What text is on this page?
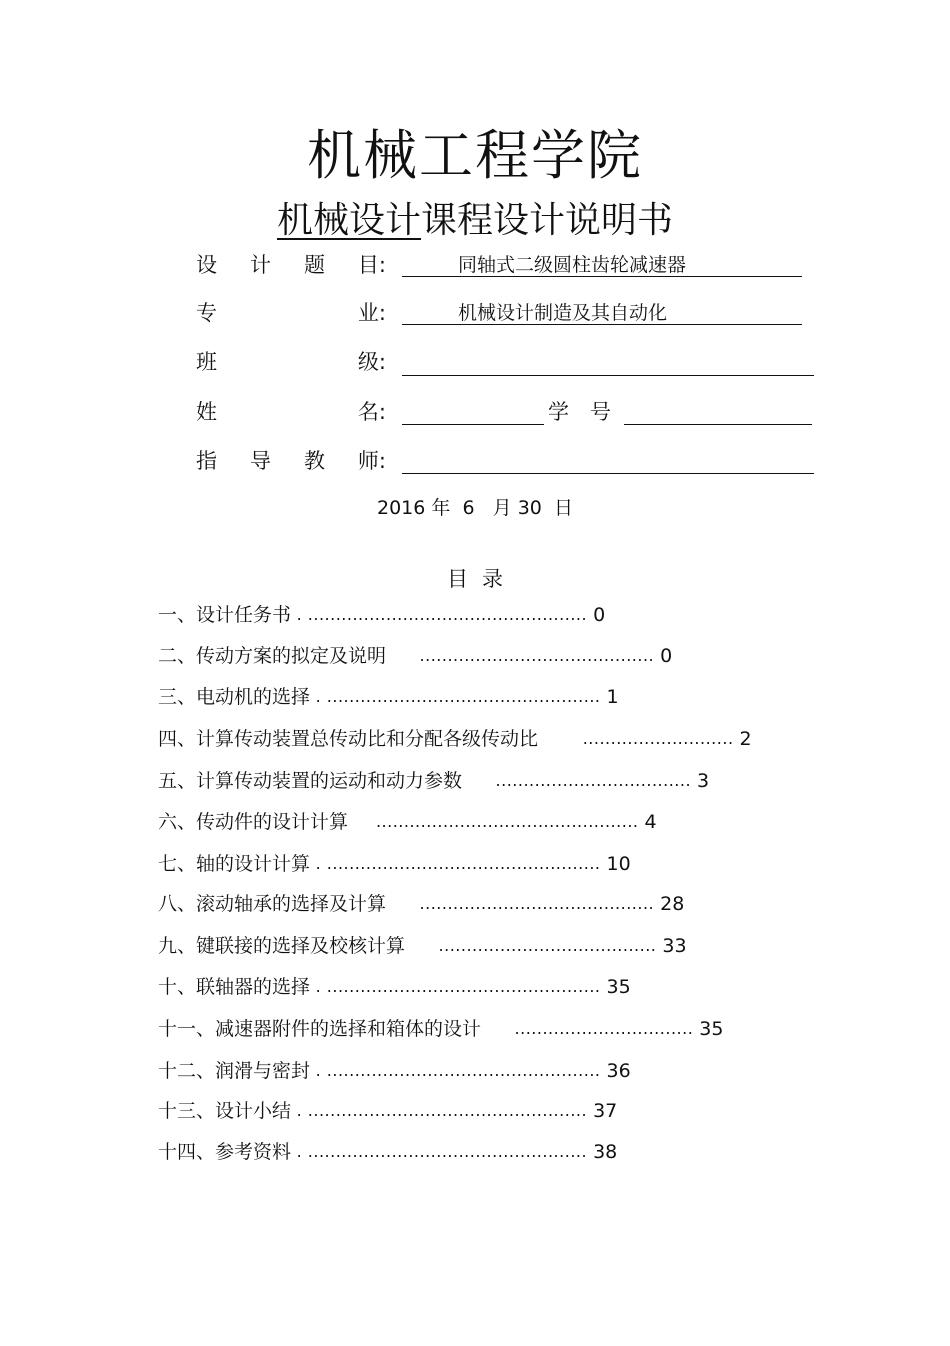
机械工程学院
机械设计课程设计说明书
设 计 题 目:	同轴式二级圆柱齿轮减速器
专	业:	机械设计制造及其自动化
班	级:
姓	名:	学　号
指 导 教 师:
2016 年  6   月 30  日
目录
一、设计任务书 . .................................................. 0
二、传动方案的拟定及说明      .......................................... 0
三、电动机的选择 . ................................................. 1
四、计算传动装置总传动比和分配各级传动比        ........................... 2
五、计算传动装置的运动和动力参数      ................................... 3
六、传动件的设计计算     ............................................... 4
七、轴的设计计算 . ................................................. 10
八、滚动轴承的选择及计算      .......................................... 28
九、键联接的选择及校核计算      ....................................... 33
十、联轴器的选择 . ................................................. 35
十一、减速器附件的选择和箱体的设计      ................................ 35
十二、润滑与密封 . ................................................. 36
十三、设计小结 . .................................................. 37
十四、参考资料 . .................................................. 38
